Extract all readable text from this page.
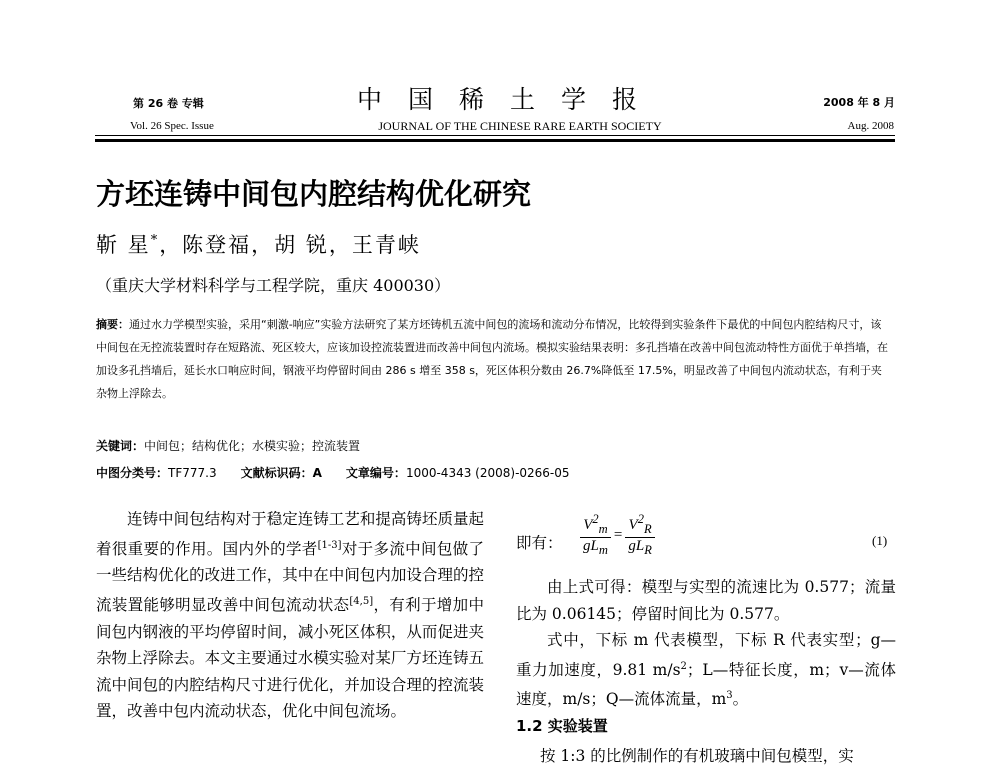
第 26 卷 专辑
Vol. 26 Spec. Issue
中国稀土学报
JOURNAL OF THE CHINESE RARE EARTH SOCIETY
2008 年 8 月
Aug. 2008
方坯连铸中间包内腔结构优化研究
靳 星*，陈登福，胡 锐，王青峡
（重庆大学材料科学与工程学院，重庆 400030）
摘要：通过水力学模型实验，采用“刺激-响应”实验方法研究了某方坯铸机五流中间包的流场和流动分布情况，比较得到实验条件下最优的中间包内腔结构尺寸，该中间包在无控流装置时存在短路流、死区较大，应该加设控流装置进而改善中间包内流场。模拟实验结果表明：多孔挡墙在改善中间包流动特性方面优于单挡墙，在加设多孔挡墙后，延长水口响应时间，钢液平均停留时间由 286 s 增至 358 s，死区体积分数由 26.7%降低至 17.5%，明显改善了中间包内流动状态，有利于夹杂物上浮除去。
关键词：中间包；结构优化；水模实验；控流装置
中图分类号：TF777.3 文献标识码：A 文章编号：1000-4343 (2008)-0266-05
连铸中间包结构对于稳定连铸工艺和提高铸坯质量起着很重要的作用。国内外的学者[1-3]对于多流中间包做了一些结构优化的改进工作，其中在中间包内加设合理的控流装置能够明显改善中间包流动状态[4,5]，有利于增加中间包内钢液的平均停留时间，减小死区体积，从而促进夹杂物上浮除去。本文主要通过水模实验对某厂方坯连铸五流中间包的内腔结构尺寸进行优化，并加设合理的控流装置，改善中包内流动状态，优化中间包流场。
即有： $\frac{V^2_m}{gL_m} = \frac{V^2_R}{gL_R}$	(1)
由上式可得：模型与实型的流速比为 0.577；流量比为 0.06145；停留时间比为 0.577。
式中，下标 m 代表模型，下标 R 代表实型；g—重力加速度，9.81 $m/s^2$；L—特征长度，m；v—流体速度，m/s；Q—流体流量，$m^3$。
1.2 实验装置
按 1:3 的比例制作的有机玻璃中间包模型，实
